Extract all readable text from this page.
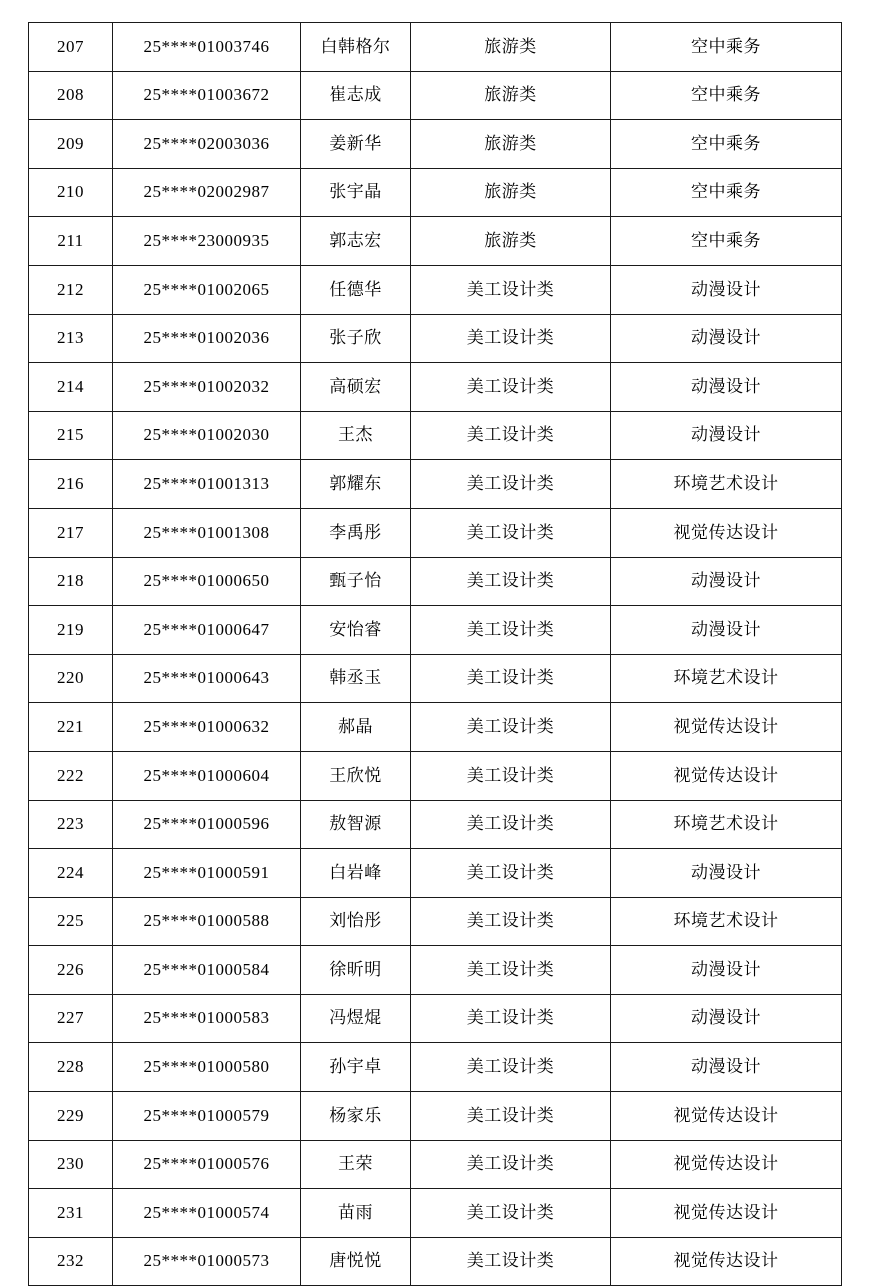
207	25****01003746	白韩格尔	旅游类	空中乘务
208	25****01003672	崔志成	旅游类	空中乘务
209	25****02003036	姜新华	旅游类	空中乘务
210	25****02002987	张宇晶	旅游类	空中乘务
211	25****23000935	郭志宏	旅游类	空中乘务
212	25****01002065	任德华	美工设计类	动漫设计
213	25****01002036	张子欣	美工设计类	动漫设计
214	25****01002032	高硕宏	美工设计类	动漫设计
215	25****01002030	王杰	美工设计类	动漫设计
216	25****01001313	郭耀东	美工设计类	环境艺术设计
217	25****01001308	李禹彤	美工设计类	视觉传达设计
218	25****01000650	甄子怡	美工设计类	动漫设计
219	25****01000647	安怡睿	美工设计类	动漫设计
220	25****01000643	韩丞玉	美工设计类	环境艺术设计
221	25****01000632	郝晶	美工设计类	视觉传达设计
222	25****01000604	王欣悦	美工设计类	视觉传达设计
223	25****01000596	敖智源	美工设计类	环境艺术设计
224	25****01000591	白岩峰	美工设计类	动漫设计
225	25****01000588	刘怡彤	美工设计类	环境艺术设计
226	25****01000584	徐昕明	美工设计类	动漫设计
227	25****01000583	冯煜焜	美工设计类	动漫设计
228	25****01000580	孙宇卓	美工设计类	动漫设计
229	25****01000579	杨家乐	美工设计类	视觉传达设计
230	25****01000576	王荣	美工设计类	视觉传达设计
231	25****01000574	苗雨	美工设计类	视觉传达设计
232	25****01000573	唐悦悦	美工设计类	视觉传达设计
